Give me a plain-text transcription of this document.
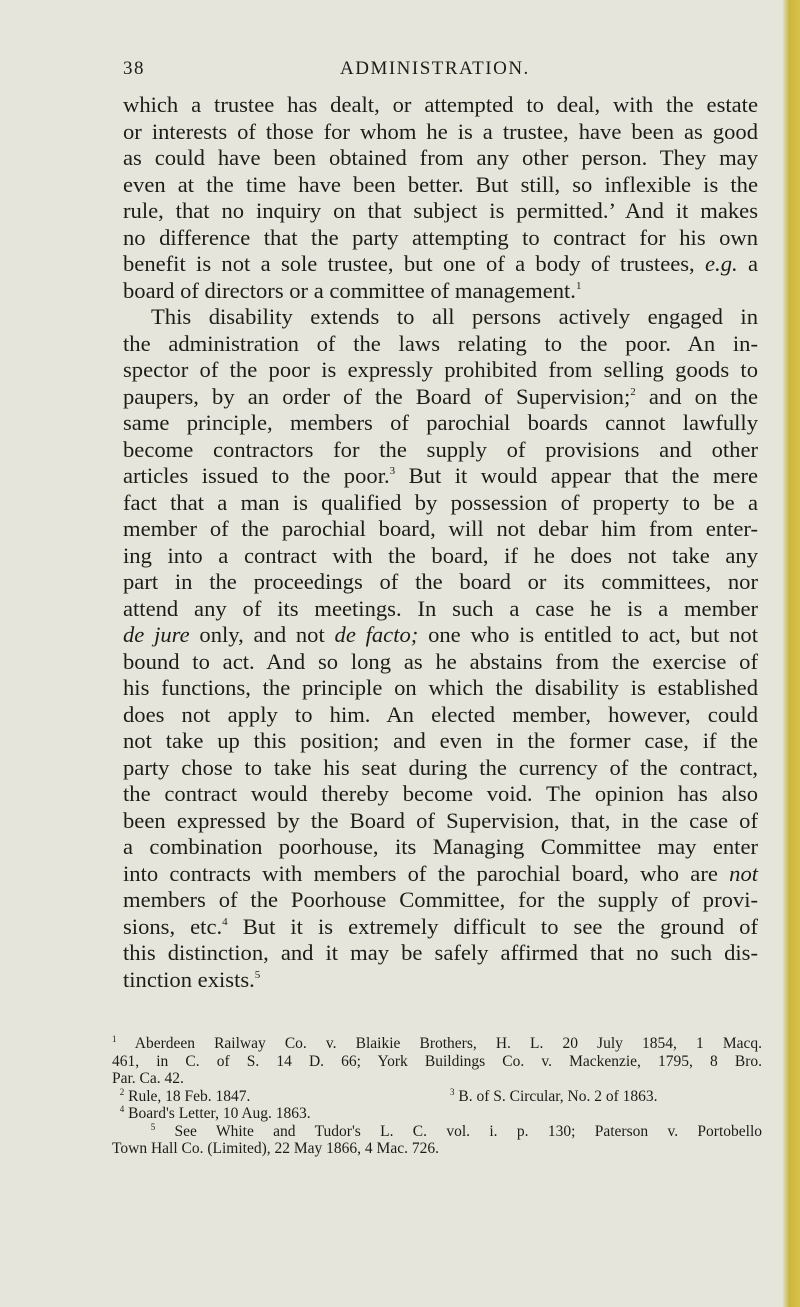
38	ADMINISTRATION.
which a trustee has dealt, or attempted to deal, with the estate
or interests of those for whom he is a trustee, have been as good
as could have been obtained from any other person. They may
even at the time have been better. But still, so inflexible is the
rule, that no inquiry on that subject is permitted.’ And it makes
no difference that the party attempting to contract for his own
benefit is not a sole trustee, but one of a body of trustees, e.g. a
board of directors or a committee of management.$^1$
This disability extends to all persons actively engaged in
the administration of the laws relating to the poor. An in-
spector of the poor is expressly prohibited from selling goods to
paupers, by an order of the Board of Supervision;$^2$ and on the
same principle, members of parochial boards cannot lawfully
become contractors for the supply of provisions and other
articles issued to the poor.$^3$ But it would appear that the mere
fact that a man is qualified by possession of property to be a
member of the parochial board, will not debar him from enter-
ing into a contract with the board, if he does not take any
part in the proceedings of the board or its committees, nor
attend any of its meetings. In such a case he is a member
de jure only, and not de facto; one who is entitled to act, but not
bound to act. And so long as he abstains from the exercise of
his functions, the principle on which the disability is established
does not apply to him. An elected member, however, could
not take up this position; and even in the former case, if the
party chose to take his seat during the currency of the contract,
the contract would thereby become void. The opinion has also
been expressed by the Board of Supervision, that, in the case of
a combination poorhouse, its Managing Committee may enter
into contracts with members of the parochial board, who are not
members of the Poorhouse Committee, for the supply of provi-
sions, etc.$^4$ But it is extremely difficult to see the ground of
this distinction, and it may be safely affirmed that no such dis-
tinction exists.$^5$
$^1$ Aberdeen Railway Co. v. Blaikie Brothers, H. L. 20 July 1854, 1 Macq.
461, in C. of S. 14 D. 66; York Buildings Co. v. Mackenzie, 1795, 8 Bro.
Par. Ca. 42.
$^2$ Rule, 18 Feb. 1847.	$^3$ B. of S. Circular, No. 2 of 1863.
$^4$ Board's Letter, 10 Aug. 1863.
$^5$ See White and Tudor's L. C. vol. i. p. 130; Paterson v. Portobello
Town Hall Co. (Limited), 22 May 1866, 4 Mac. 726.
